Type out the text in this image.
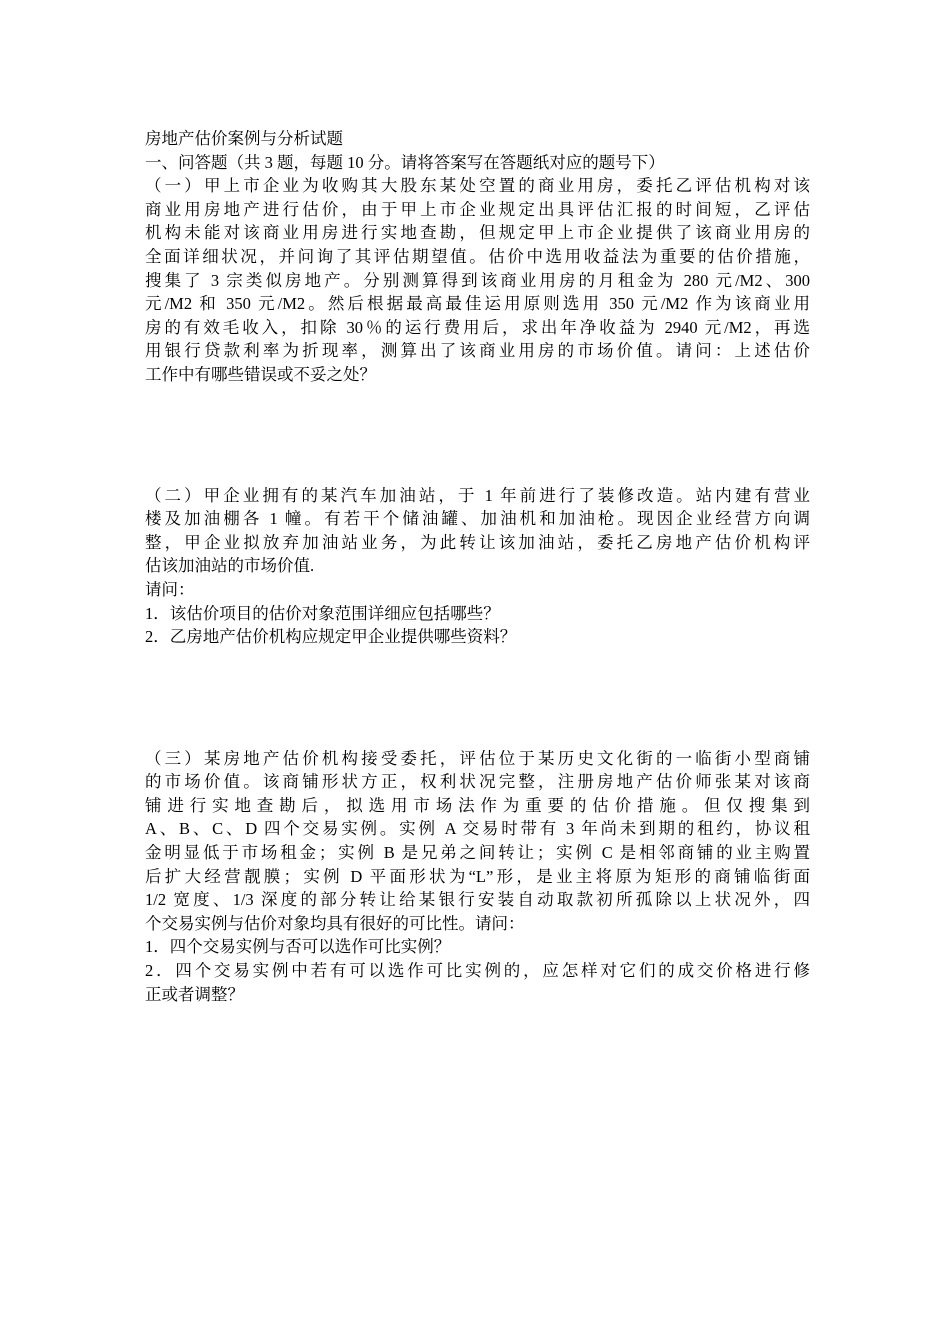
房地产估价案例与分析试题
一、问答题（共 3 题，每题 10 分。请将答案写在答题纸对应的题号下）
（一）甲上市企业为收购其大股东某处空置的商业用房，委托乙评估机构对该
商业用房地产进行估价，由于甲上市企业规定出具评估汇报的时间短，乙评估
机构未能对该商业用房进行实地查勘，但规定甲上市企业提供了该商业用房的
全面详细状况，并问询了其评估期望值。估价中选用收益法为重要的估价措施，
搜集了 3 宗类似房地产。分别测算得到该商业用房的月租金为 280 元/M2、300
元/M2 和 350 元/M2。然后根据最高最佳运用原则选用 350 元/M2 作为该商业用
房的有效毛收入，扣除 30％的运行费用后，求出年净收益为 2940 元/M2，再选
用银行贷款利率为折现率，测算出了该商业用房的市场价值。请问：上述估价
工作中有哪些错误或不妥之处？
（二）甲企业拥有的某汽车加油站，于 1 年前进行了装修改造。站内建有营业
楼及加油棚各 1 幢。有若干个储油罐、加油机和加油枪。现因企业经营方向调
整，甲企业拟放弃加油站业务，为此转让该加油站，委托乙房地产估价机构评
估该加油站的市场价值.
请问：
1．该估价项目的估价对象范围详细应包括哪些？
2．乙房地产估价机构应规定甲企业提供哪些资料？
（三）某房地产估价机构接受委托，评估位于某历史文化街的一临街小型商铺
的市场价值。该商铺形状方正，权利状况完整，注册房地产估价师张某对该商
铺进行实地查勘后，拟选用市场法作为重要的估价措施。但仅搜集到
A、B、C、D 四个交易实例。实例 A 交易时带有 3 年尚未到期的租约，协议租
金明显低于市场租金；实例 B 是兄弟之间转让；实例 C 是相邻商铺的业主购置
后扩大经营靓膜；实例 D 平面形状为“L”形，是业主将原为矩形的商铺临街面
1/2 宽度、1/3 深度的部分转让给某银行安装自动取款初所孤除以上状况外，四
个交易实例与估价对象均具有很好的可比性。请问：
1．四个交易实例与否可以选作可比实例？
2．四个交易实例中若有可以选作可比实例的，应怎样对它们的成交价格进行修
正或者调整？
